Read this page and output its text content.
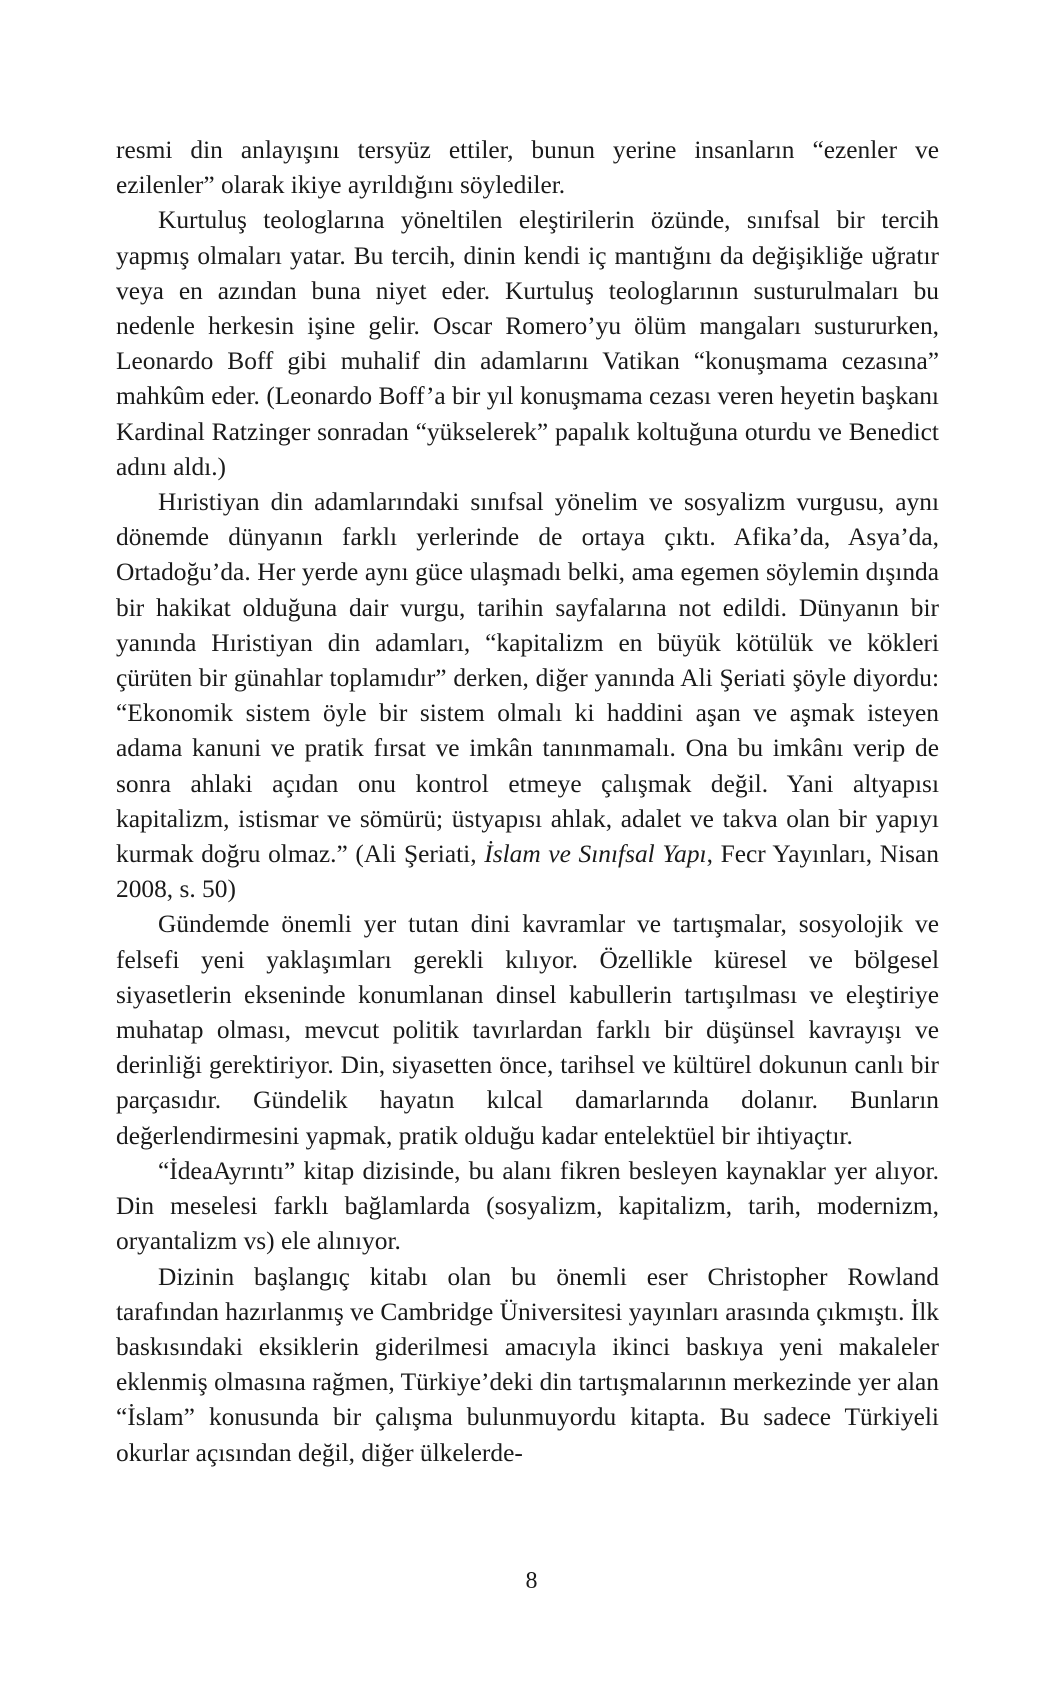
resmi din anlayışını tersyüz ettiler, bunun yerine insanların “ezenler ve ezilenler” olarak ikiye ayrıldığını söylediler.

Kurtuluş teologlarına yöneltilen eleştirilerin özünde, sınıfsal bir tercih yapmış olmaları yatar. Bu tercih, dinin kendi iç mantığını da değişikliğe uğratır veya en azından buna niyet eder. Kurtuluş teologlarının susturulmaları bu nedenle herkesin işine gelir. Oscar Romero’yu ölüm mangaları sustururken, Leonardo Boff gibi muhalif din adamlarını Vatikan “konuşmama cezasına” mahkûm eder. (Leonardo Boff’a bir yıl konuşmama cezası veren heyetin başkanı Kardinal Ratzinger sonradan “yükselerek” papalık koltuğuna oturdu ve Benedict adını aldı.)

Hıristiyan din adamlarındaki sınıfsal yönelim ve sosyalizm vurgusu, aynı dönemde dünyanın farklı yerlerinde de ortaya çıktı. Afika’da, Asya’da, Ortadoğu’da. Her yerde aynı güce ulaşmadı belki, ama egemen söylemin dışında bir hakikat olduğuna dair vurgu, tarihin sayfalarına not edildi. Dünyanın bir yanında Hıristiyan din adamları, “kapitalizm en büyük kötülük ve kökleri çürüten bir günahlar toplamıdır” derken, diğer yanında Ali Şeriati şöyle diyordu: “Ekonomik sistem öyle bir sistem olmalı ki haddini aşan ve aşmak isteyen adama kanuni ve pratik fırsat ve imkân tanınmamalı. Ona bu imkânı verip de sonra ahlaki açıdan onu kontrol etmeye çalışmak değil. Yani altyapısı kapitalizm, istismar ve sömürü; üstyapısı ahlak, adalet ve takva olan bir yapıyı kurmak doğru olmaz.” (Ali Şeriati, İslam ve Sınıfsal Yapı, Fecr Yayınları, Nisan 2008, s. 50)

Gündemde önemli yer tutan dini kavramlar ve tartışmalar, sosyolojik ve felsefi yeni yaklaşımları gerekli kılıyor. Özellikle küresel ve bölgesel siyasetlerin ekseninde konumlanan dinsel kabullerin tartışılması ve eleştiriye muhatap olması, mevcut politik tavırlardan farklı bir düşünsel kavrayışı ve derinliği gerektiriyor. Din, siyasetten önce, tarihsel ve kültürel dokunun canlı bir parçasıdır. Gündelik hayatın kılcal damarlarında dolanır. Bunların değerlendirmesini yapmak, pratik olduğu kadar entelektüel bir ihtiyaçtır.

“İdeaAyrıntı” kitap dizisinde, bu alanı fikren besleyen kaynaklar yer alıyor. Din meselesi farklı bağlamlarda (sosyalizm, kapitalizm, tarih, modernizm, oryantalizm vs) ele alınıyor.

Dizinin başlangıç kitabı olan bu önemli eser Christopher Rowland tarafından hazırlanmış ve Cambridge Üniversitesi yayınları arasında çıkmıştı. İlk baskısındaki eksiklerin giderilmesi amacıyla ikinci baskıya yeni makaleler eklenmiş olmasına rağmen, Türkiye’deki din tartışmalarının merkezinde yer alan “İslam” konusunda bir çalışma bulunmuyordu kitapta. Bu sadece Türkiyeli okurlar açısından değil, diğer ülkelerde-

8
